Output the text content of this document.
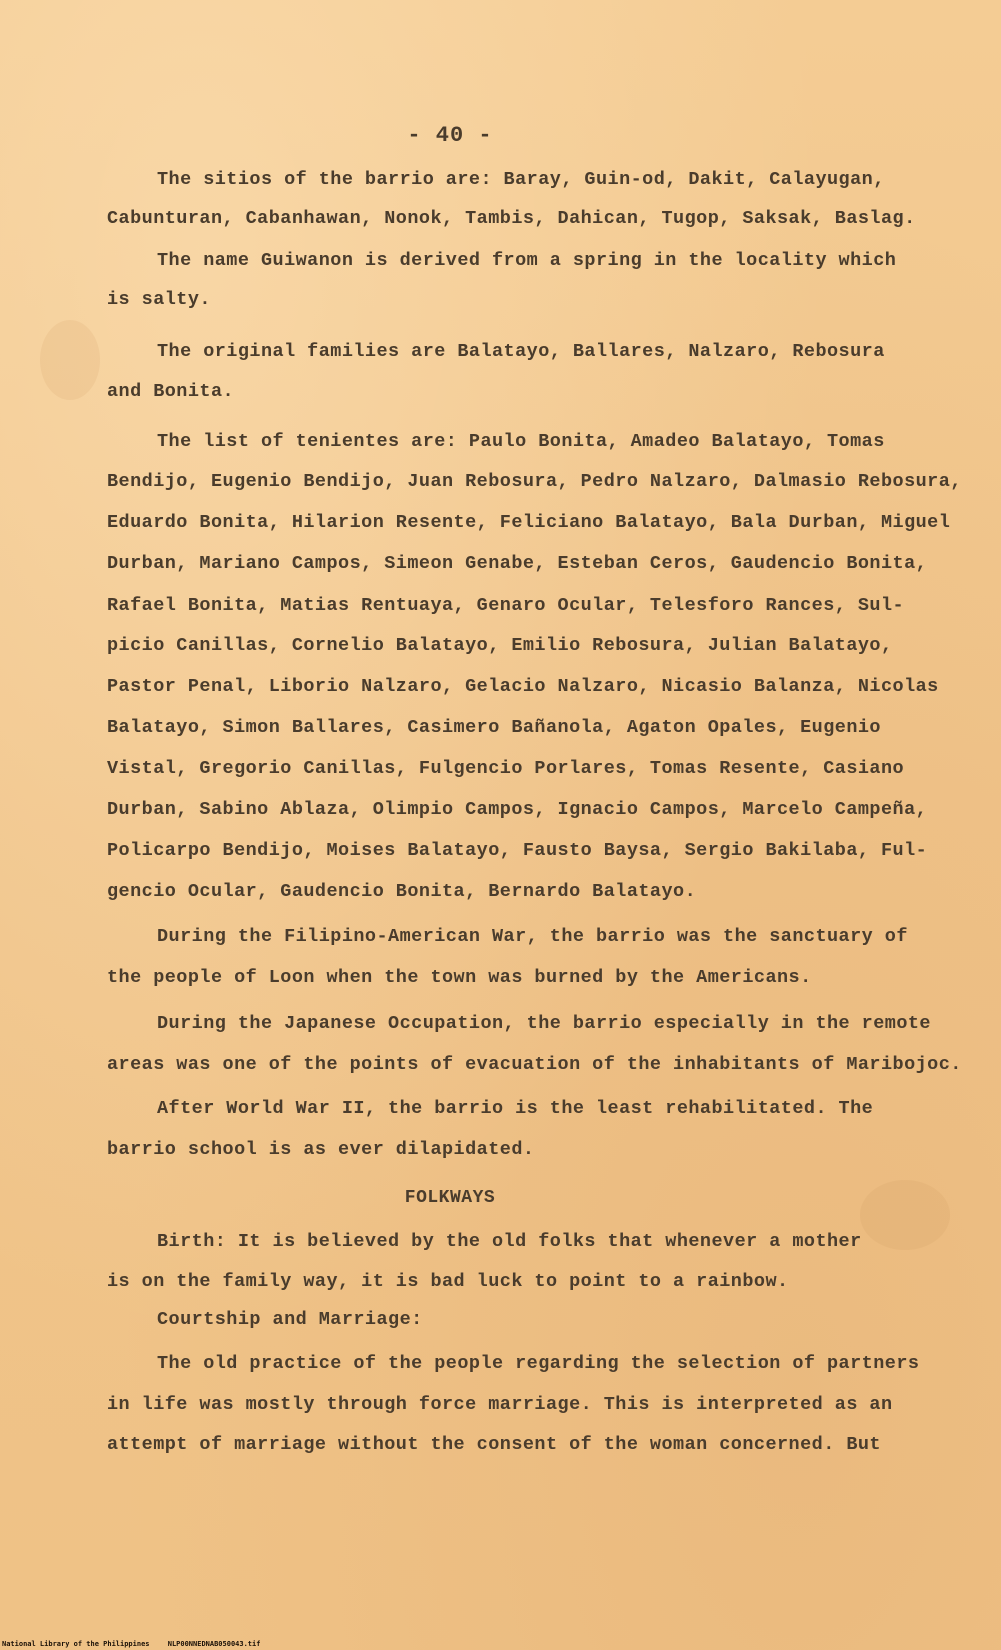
- 40 -
The sitios of the barrio are: Baray, Guin-od, Dakit, Calayugan,
Cabunturan, Cabanhawan, Nonok, Tambis, Dahican, Tugop, Saksak, Baslag.
The name Guiwanon is derived from a spring in the locality which
is salty.
The original families are Balatayo, Ballares, Nalzaro, Rebosura
and Bonita.
The list of tenientes are: Paulo Bonita, Amadeo Balatayo, Tomas
Bendijo, Eugenio Bendijo, Juan Rebosura, Pedro Nalzaro, Dalmasio Rebosura,
Eduardo Bonita, Hilarion Resente, Feliciano Balatayo, Bala Durban, Miguel
Durban, Mariano Campos, Simeon Genabe, Esteban Ceros, Gaudencio Bonita,
Rafael Bonita, Matias Rentuaya, Genaro Ocular, Telesforo Rances, Sul-
picio Canillas, Cornelio Balatayo, Emilio Rebosura, Julian Balatayo,
Pastor Penal, Liborio Nalzaro, Gelacio Nalzaro, Nicasio Balanza, Nicolas
Balatayo, Simon Ballares, Casimero Bañanola, Agaton Opales, Eugenio
Vistal, Gregorio Canillas, Fulgencio Porlares, Tomas Resente, Casiano
Durban, Sabino Ablaza, Olimpio Campos, Ignacio Campos, Marcelo Campeña,
Policarpo Bendijo, Moises Balatayo, Fausto Baysa, Sergio Bakilaba, Ful-
gencio Ocular, Gaudencio Bonita, Bernardo Balatayo.
During the Filipino-American War, the barrio was the sanctuary of
the people of Loon when the town was burned by the Americans.
During the Japanese Occupation, the barrio especially in the remote
areas was one of the points of evacuation of the inhabitants of Maribojoc.
After World War II, the barrio is the least rehabilitated. The
barrio school is as ever dilapidated.
FOLKWAYS
Birth: It is believed by the old folks that whenever a mother
is on the family way, it is bad luck to point to a rainbow.
Courtship and Marriage:
The old practice of the people regarding the selection of partners
in life was mostly through force marriage. This is interpreted as an
attempt of marriage without the consent of the woman concerned. But
National Library of the Philippines	NLP00NNEDNAB050043.tif
